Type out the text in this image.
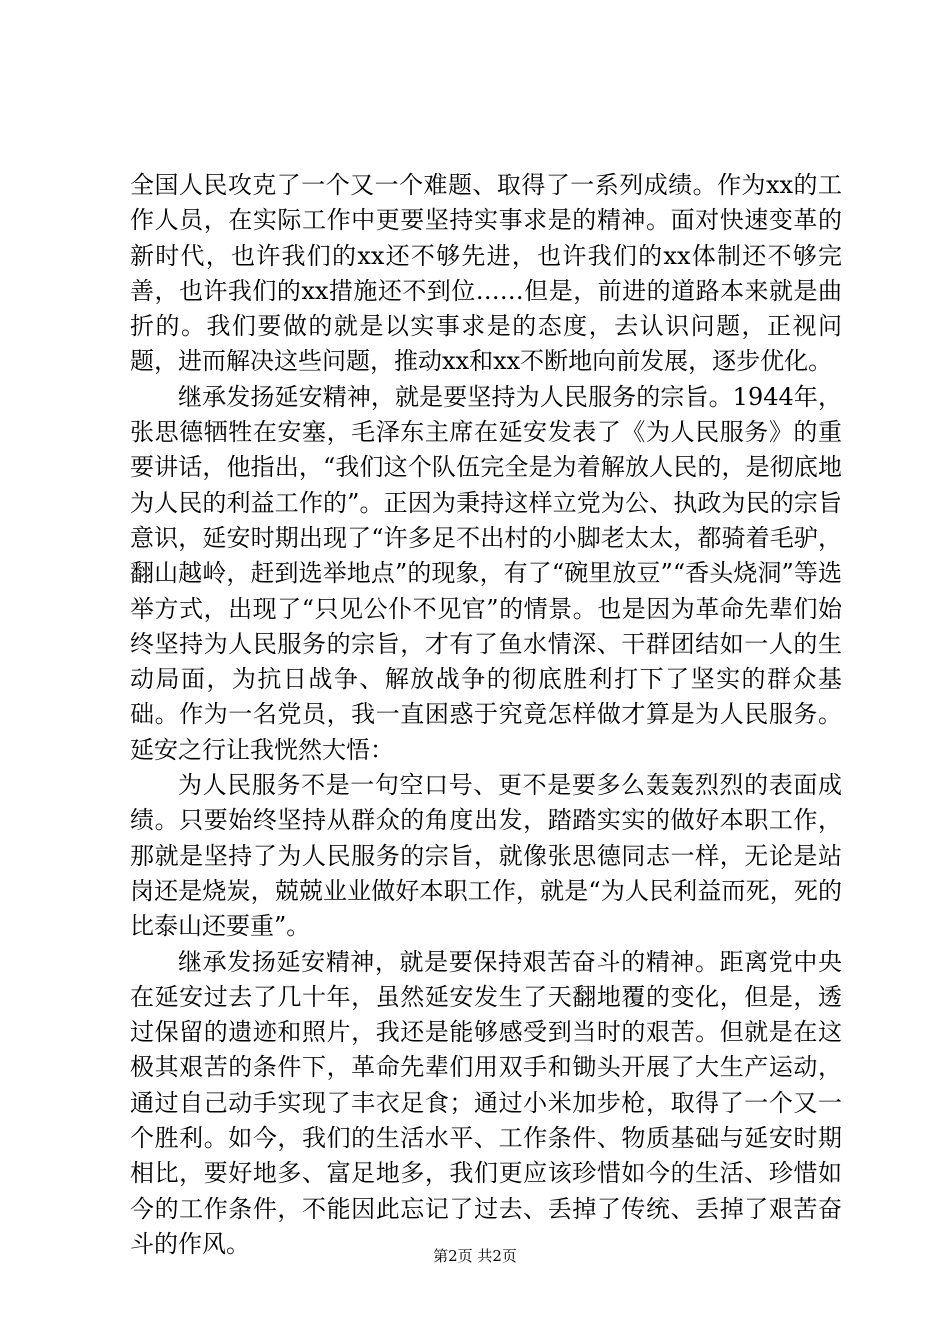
全国人民攻克了一个又一个难题、取得了一系列成绩。作为xx的工作人员，在实际工作中更要坚持实事求是的精神。面对快速变革的新时代，也许我们的xx还不够先进，也许我们的xx体制还不够完善，也许我们的xx措施还不到位……但是，前进的道路本来就是曲折的。我们要做的就是以实事求是的态度，去认识问题，正视问题，进而解决这些问题，推动xx和xx不断地向前发展，逐步优化。

继承发扬延安精神，就是要坚持为人民服务的宗旨。1944年，张思德牺牲在安塞，毛泽东主席在延安发表了《为人民服务》的重要讲话，他指出，“我们这个队伍完全是为着解放人民的，是彻底地为人民的利益工作的”。正因为秉持这样立党为公、执政为民的宗旨意识，延安时期出现了“许多足不出村的小脚老太太，都骑着毛驴，翻山越岭，赶到选举地点”的现象，有了“碗里放豆”“香头烧洞”等选举方式，出现了“只见公仆不见官”的情景。也是因为革命先辈们始终坚持为人民服务的宗旨，才有了鱼水情深、干群团结如一人的生动局面，为抗日战争、解放战争的彻底胜利打下了坚实的群众基础。作为一名党员，我一直困惑于究竟怎样做才算是为人民服务。延安之行让我恍然大悟：

为人民服务不是一句空口号、更不是要多么轰轰烈烈的表面成绩。只要始终坚持从群众的角度出发，踏踏实实的做好本职工作，那就是坚持了为人民服务的宗旨，就像张思德同志一样，无论是站岗还是烧炭，兢兢业业做好本职工作，就是“为人民利益而死，死的比泰山还要重”。

继承发扬延安精神，就是要保持艰苦奋斗的精神。距离党中央在延安过去了几十年，虽然延安发生了天翻地覆的变化，但是，透过保留的遗迹和照片，我还是能够感受到当时的艰苦。但就是在这极其艰苦的条件下，革命先辈们用双手和锄头开展了大生产运动，通过自己动手实现了丰衣足食；通过小米加步枪，取得了一个又一个胜利。如今，我们的生活水平、工作条件、物质基础与延安时期相比，要好地多、富足地多，我们更应该珍惜如今的生活、珍惜如今的工作条件，不能因此忘记了过去、丢掉了传统、丢掉了艰苦奋斗的作风。	第2页 共2页
